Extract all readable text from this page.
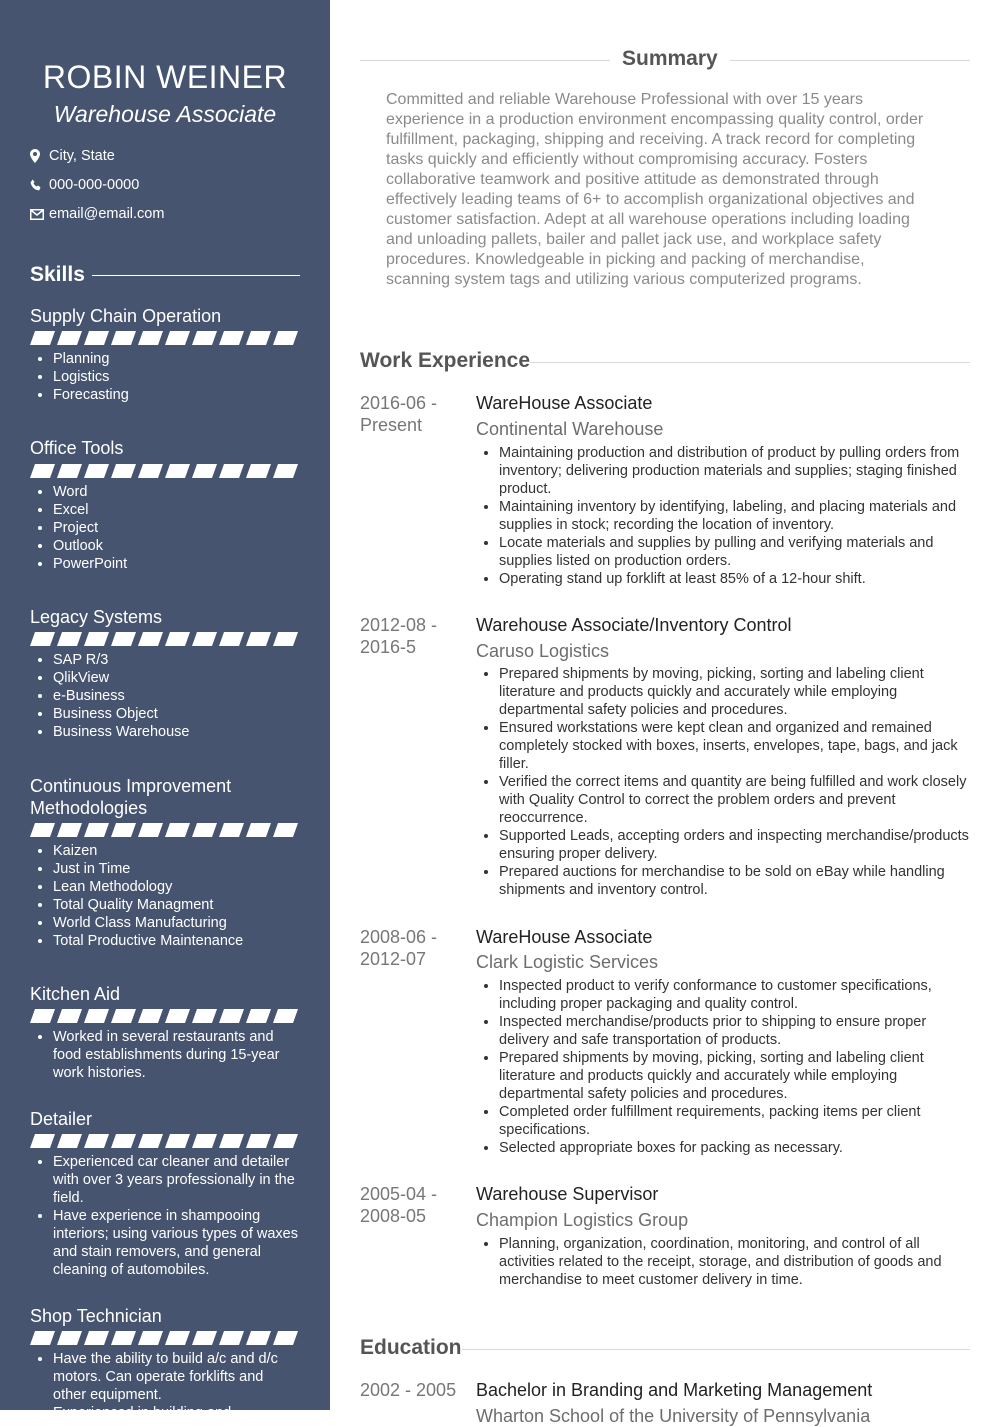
ROBIN WEINER
Warehouse Associate
City, State
000-000-0000
email@email.com
Skills
Supply Chain Operation
• Planning
• Logistics
• Forecasting
Office Tools
• Word
• Excel
• Project
• Outlook
• PowerPoint
Legacy Systems
• SAP R/3
• QlikView
• e-Business
• Business Object
• Business Warehouse
Continuous Improvement Methodologies
• Kaizen
• Just in Time
• Lean Methodology
• Total Quality Managment
• World Class Manufacturing
• Total Productive Maintenance
Kitchen Aid
• Worked in several restaurants and food establishments during 15-year work histories.
Detailer
• Experienced car cleaner and detailer with over 3 years professionally in the field.
• Have experience in shampooing interiors; using various types of waxes and stain removers, and general cleaning of automobiles.
Shop Technician
• Have the ability to build a/c and d/c motors. Can operate forklifts and other equipment.
• Experienced in building and
Summary

Committed and reliable Warehouse Professional with over 15 years experience in a production environment encompassing quality control, order fulfillment, packaging, shipping and receiving. A track record for completing tasks quickly and efficiently without compromising accuracy. Fosters collaborative teamwork and positive attitude as demonstrated through effectively leading teams of 6+ to accomplish organizational objectives and customer satisfaction. Adept at all warehouse operations including loading and unloading pallets, bailer and pallet jack use, and workplace safety procedures. Knowledgeable in picking and packing of merchandise, scanning system tags and utilizing various computerized programs.

Work Experience
2016-06 - Present
WareHouse Associate
Continental Warehouse
• Maintaining production and distribution of product by pulling orders from inventory; delivering production materials and supplies; staging finished product.
• Maintaining inventory by identifying, labeling, and placing materials and supplies in stock; recording the location of inventory.
• Locate materials and supplies by pulling and verifying materials and supplies listed on production orders.
• Operating stand up forklift at least 85% of a 12-hour shift.
2012-08 - 2016-5
Warehouse Associate/Inventory Control
Caruso Logistics
• Prepared shipments by moving, picking, sorting and labeling client literature and products quickly and accurately while employing departmental safety policies and procedures.
• Ensured workstations were kept clean and organized and remained completely stocked with boxes, inserts, envelopes, tape, bags, and jack filler.
• Verified the correct items and quantity are being fulfilled and work closely with Quality Control to correct the problem orders and prevent reoccurrence.
• Supported Leads, accepting orders and inspecting merchandise/products ensuring proper delivery.
• Prepared auctions for merchandise to be sold on eBay while handling shipments and inventory control.
2008-06 - 2012-07
WareHouse Associate
Clark Logistic Services
• Inspected product to verify conformance to customer specifications, including proper packaging and quality control.
• Inspected merchandise/products prior to shipping to ensure proper delivery and safe transportation of products.
• Prepared shipments by moving, picking, sorting and labeling client literature and products quickly and accurately while employing departmental safety policies and procedures.
• Completed order fulfillment requirements, packing items per client specifications.
• Selected appropriate boxes for packing as necessary.
2005-04 - 2008-05
Warehouse Supervisor
Champion Logistics Group
• Planning, organization, coordination, monitoring, and control of all activities related to the receipt, storage, and distribution of goods and merchandise to meet customer delivery in time.
Education
2002 - 2005	Bachelor in Branding and Marketing Management
Wharton School of the University of Pennsylvania
